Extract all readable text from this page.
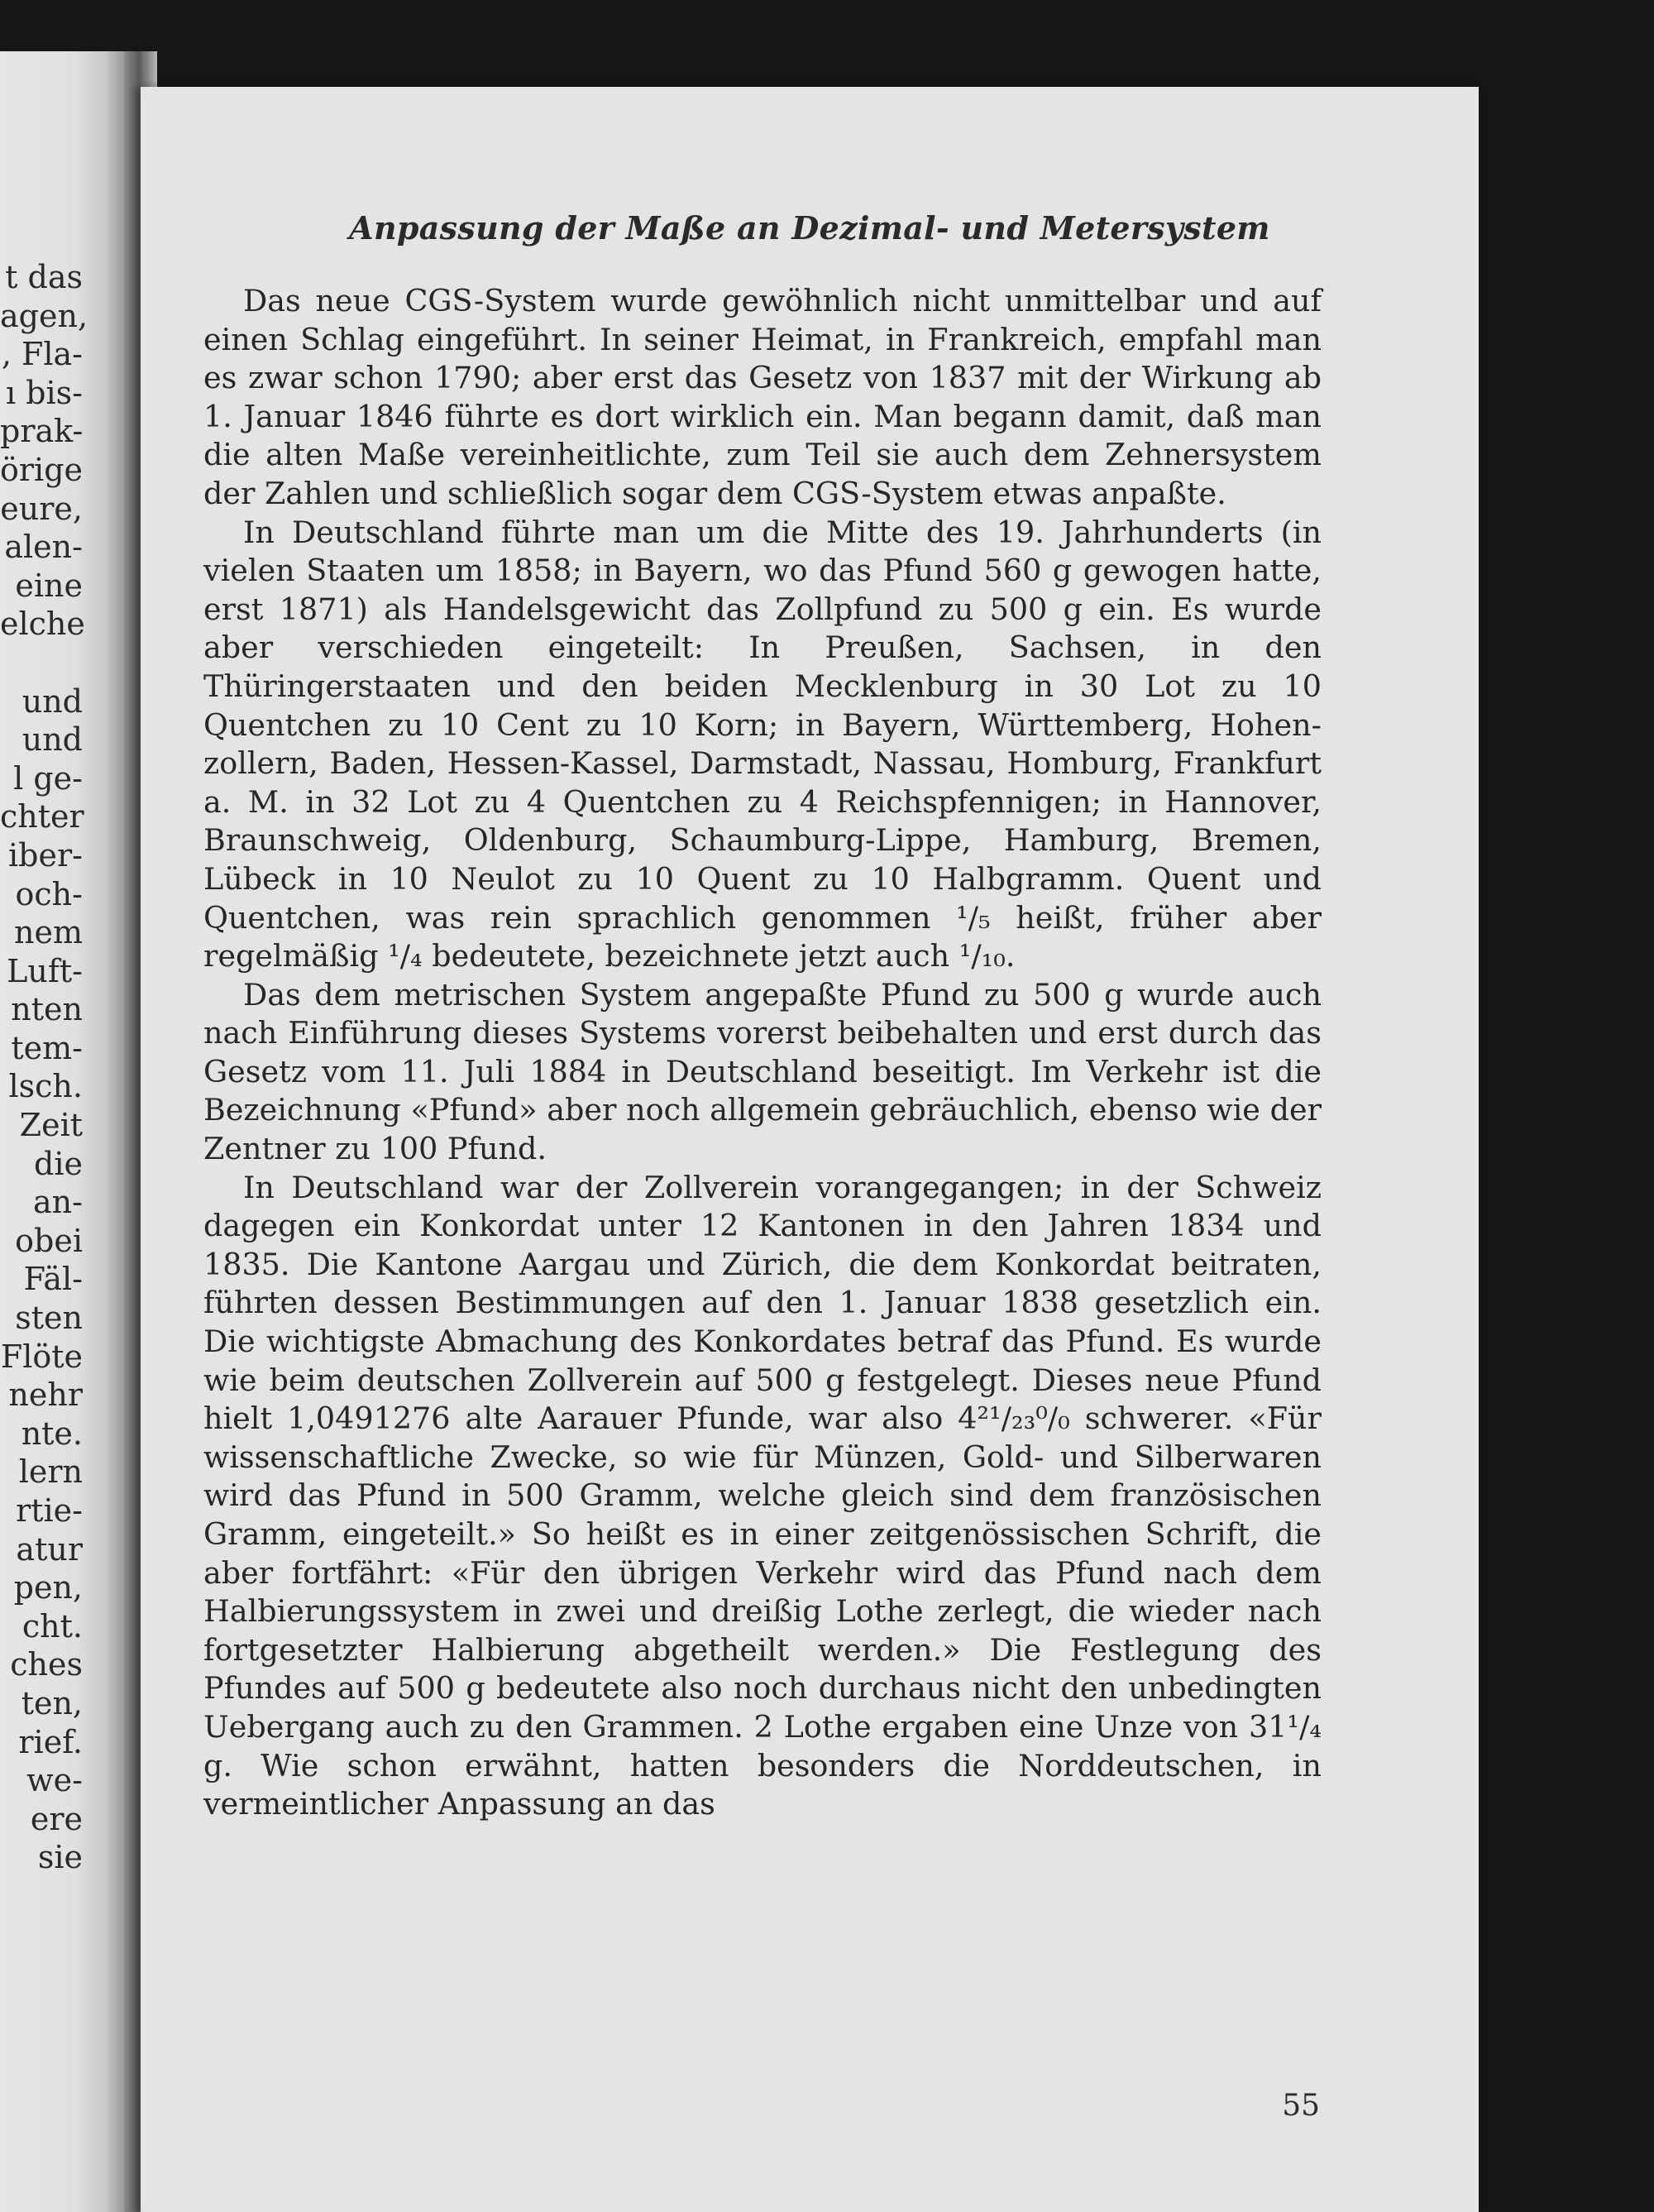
t das
agen,
, Fla-
ı bis-
prak-
örige
eure,
alen-
eine
elche
und
und
l ge-
chter
iber-
och-
nem
Luft-
nten
tem-
lsch.
Zeit
die
an-
obei
Fäl-
sten
Flöte
nehr
nte.
lern
rtie-
atur
pen,
cht.
ches
ten,
rief.
we-
ere
sie
Anpassung der Maße an Dezimal- und Metersystem

Das neue CGS-System wurde gewöhnlich nicht unmittelbar und auf einen Schlag eingeführt. In seiner Heimat, in Frankreich, empfahl man es zwar schon 1790; aber erst das Gesetz von 1837 mit der Wirkung ab 1. Januar 1846 führte es dort wirklich ein. Man begann damit, daß man die alten Maße vereinheitlichte, zum Teil sie auch dem Zehnersystem der Zahlen und schließlich sogar dem CGS-System etwas anpaßte.

In Deutschland führte man um die Mitte des 19. Jahrhunderts (in vielen Staaten um 1858; in Bayern, wo das Pfund 560 g gewogen hatte, erst 1871) als Handelsgewicht das Zollpfund zu 500 g ein. Es wurde aber verschieden eingeteilt: In Preußen, Sachsen, in den Thüringerstaaten und den beiden Mecklenburg in 30 Lot zu 10 Quentchen zu 10 Cent zu 10 Korn; in Bayern, Württemberg, Hohenzollern, Baden, Hessen-Kassel, Darmstadt, Nassau, Homburg, Frankfurt a. M. in 32 Lot zu 4 Quentchen zu 4 Reichspfennigen; in Hannover, Braunschweig, Oldenburg, Schaumburg-Lippe, Hamburg, Bremen, Lübeck in 10 Neulot zu 10 Quent zu 10 Halbgramm. Quent und Quentchen, was rein sprachlich genommen ¹/₅ heißt, früher aber regelmäßig ¹/₄ bedeutete, bezeichnete jetzt auch ¹/₁₀.

Das dem metrischen System angepaßte Pfund zu 500 g wurde auch nach Einführung dieses Systems vorerst beibehalten und erst durch das Gesetz vom 11. Juli 1884 in Deutschland beseitigt. Im Verkehr ist die Bezeichnung «Pfund» aber noch allgemein gebräuchlich, ebenso wie der Zentner zu 100 Pfund.

In Deutschland war der Zollverein vorangegangen; in der Schweiz dagegen ein Konkordat unter 12 Kantonen in den Jahren 1834 und 1835. Die Kantone Aargau und Zürich, die dem Konkordat beitraten, führten dessen Bestimmungen auf den 1. Januar 1838 gesetzlich ein. Die wichtigste Abmachung des Konkordates betraf das Pfund. Es wurde wie beim deutschen Zollverein auf 500 g festgelegt. Dieses neue Pfund hielt 1,0491276 alte Aarauer Pfunde, war also 4²¹/₂₃⁰/₀ schwerer. «Für wissenschaftliche Zwecke, so wie für Münzen, Gold- und Silberwaren wird das Pfund in 500 Gramm, welche gleich sind dem französischen Gramm, eingeteilt.» So heißt es in einer zeitgenössischen Schrift, die aber fortfährt: «Für den übrigen Verkehr wird das Pfund nach dem Halbierungssystem in zwei und dreißig Lothe zerlegt, die wieder nach fortgesetzter Halbierung abgetheilt werden.» Die Festlegung des Pfundes auf 500 g bedeutete also noch durchaus nicht den unbedingten Uebergang auch zu den Grammen. 2 Lothe ergaben eine Unze von 31¹/₄ g. Wie schon erwähnt, hatten besonders die Norddeutschen, in vermeintlicher Anpassung an das

55
